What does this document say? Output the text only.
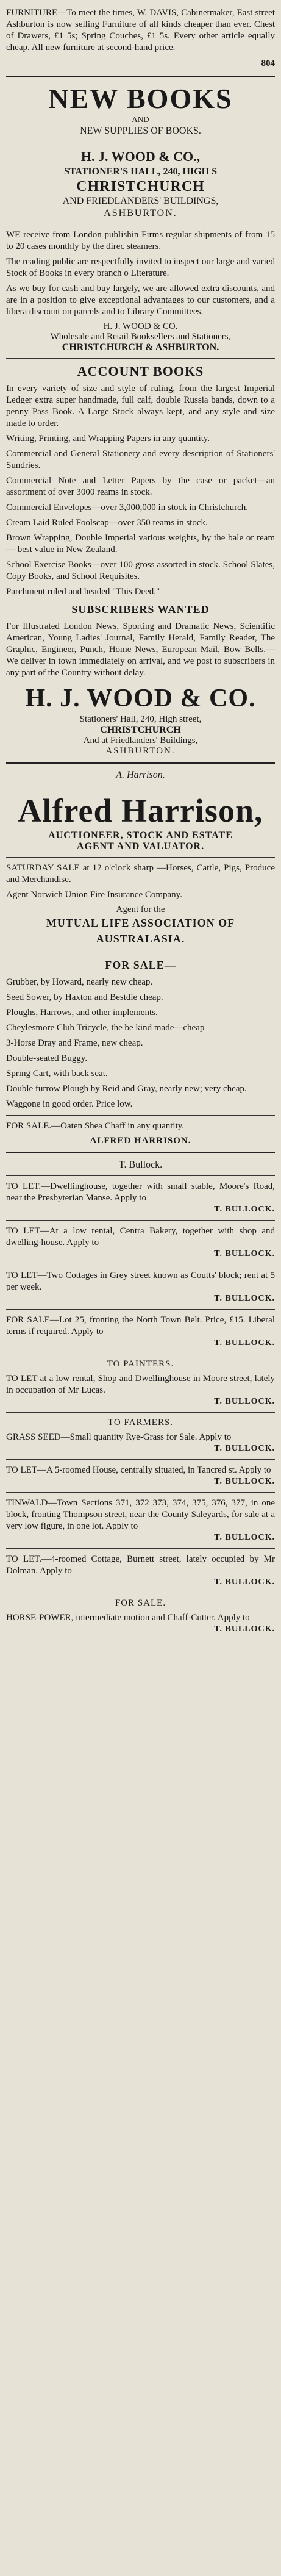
FURNITURE—To meet the times, W. DAVIS, Cabinetmaker, East street Ashburton is now selling Furniture of all kinds cheaper than ever. Chest of Drawers, £1 5s; Spring Couches, £1 5s. Every other article equally cheap. All new furniture at second-hand price.

804

NEW BOOKS

AND

NEW SUPPLIES OF BOOKS.

H. J. WOOD & CO.,

STATIONER'S HALL, 240, HIGH S

CHRISTCHURCH

AND FRIEDLANDERS' BUILDINGS,

ASHBURTON.

WE receive from London publishin Firms regular shipments of from 15 to 20 cases monthly by the direc steamers.

The reading public are respectfully invited to inspect our large and varied Stock of Books in every branch o Literature.

As we buy for cash and buy largely, we are allowed extra discounts, and are in a position to give exceptional advantages to our customers, and a libera discount on parcels and to Library Committees.

H. J. WOOD & CO.

Wholesale and Retail Booksellers and Stationers,

CHRISTCHURCH & ASHBURTON.

ACCOUNT BOOKS

In every variety of size and style of ruling, from the largest Imperial Ledger extra super handmade, full calf, double Russia bands, down to a penny Pass Book. A Large Stock always kept, and any style and size made to order.

Writing, Printing, and Wrapping Papers in any quantity.

Commercial and General Stationery and every description of Stationers' Sundries.

Commercial Note and Letter Papers by the case or packet—an assortment of over 3000 reams in stock.

Commercial Envelopes—over 3,000,000 in stock in Christchurch.

Cream Laid Ruled Foolscap—over 350 reams in stock.

Brown Wrapping, Double Imperial various weights, by the bale or ream— best value in New Zealand.

School Exercise Books—over 100 gross assorted in stock. School Slates, Copy Books, and School Requisites.

Parchment ruled and headed "This Deed."

SUBSCRIBERS WANTED

For Illustrated London News, Sporting and Dramatic News, Scientific American, Young Ladies' Journal, Family Herald, Family Reader, The Graphic, Engineer, Punch, Home News, European Mail, Bow Bells.—We deliver in town immediately on arrival, and we post to subscribers in any part of the Country without delay.

H. J. WOOD & CO.

Stationers' Hall, 240, High street,

CHRISTCHURCH

And at Friedlanders' Buildings,

ASHBURTON.

A. Harrison.

Alfred Harrison,

AUCTIONEER, STOCK AND ESTATE

AGENT AND VALUATOR.

SATURDAY SALE at 12 o'clock sharp —Horses, Cattle, Pigs, Produce and Merchandise.

Agent Norwich Union Fire Insurance Company.

Agent for the

MUTUAL LIFE ASSOCIATION OF AUSTRALASIA.

FOR SALE—

Grubber, by Howard, nearly new cheap.

Seed Sower, by Haxton and Bestdie cheap.

Ploughs, Harrows, and other implements.

Cheylesmore Club Tricycle, the be kind made—cheap

3-Horse Dray and Frame, new cheap.

Double-seated Buggy.

Spring Cart, with back seat.

Double furrow Plough by Reid and Gray, nearly new; very cheap.

Waggone in good order. Price low.

FOR SALE.—Oaten Shea Chaff in any quantity.

ALFRED HARRISON.

T. Bullock.

TO LET.—Dwellinghouse, together with small stable, Moore's Road, near the Presbyterian Manse. Apply to

T. BULLOCK.

TO LET—At a low rental, Centra Bakery, together with shop and dwelling-house. Apply to

T. BULLOCK.

TO LET—Two Cottages in Grey street known as Coutts' block; rent at 5 per week.

T. BULLOCK.

FOR SALE—Lot 25, fronting the North Town Belt. Price, £15. Liberal terms if required. Apply to

T. BULLOCK.

TO PAINTERS.

TO LET at a low rental, Shop and Dwellinghouse in Moore street, lately in occupation of Mr Lucas.

T. BULLOCK.

TO FARMERS.

GRASS SEED—Small quantity Rye-Grass for Sale. Apply to

T. BULLOCK.

TO LET—A 5-roomed House, centrally situated, in Tancred st. Apply to

T. BULLOCK.

TINWALD—Town Sections 371, 372 373, 374, 375, 376, 377, in one block, fronting Thompson street, near the County Saleyards, for sale at a very low figure, in one lot. Apply to

T. BULLOCK.

TO LET.—4-roomed Cottage, Burnett street, lately occupied by Mr Dolman. Apply to

T. BULLOCK.

FOR SALE.

HORSE-POWER, intermediate motion and Chaff-Cutter. Apply to

T. BULLOCK.
